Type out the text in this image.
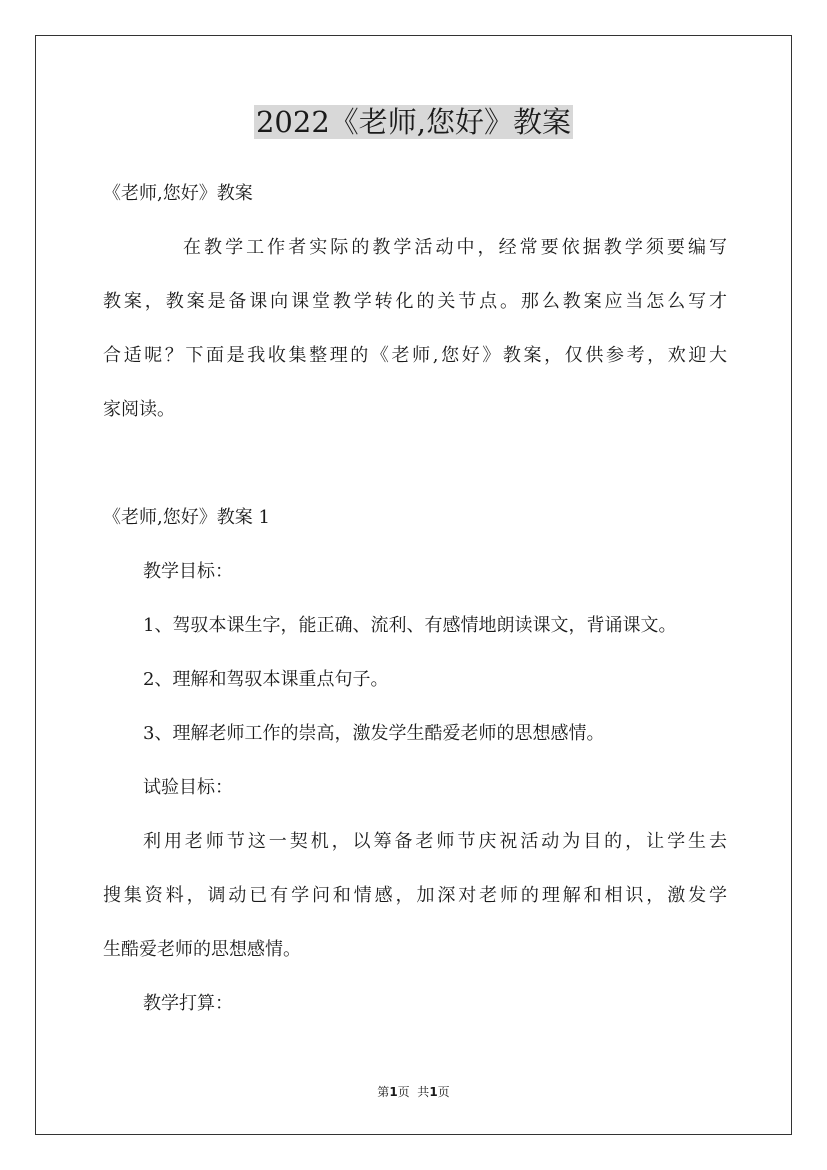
2022《老师,您好》教案
《老师,您好》教案
在教学工作者实际的教学活动中，经常要依据教学须要编写
教案，教案是备课向课堂教学转化的关节点。那么教案应当怎么写才
合适呢？下面是我收集整理的《老师,您好》教案，仅供参考，欢迎大
家阅读。
《老师,您好》教案 1
教学目标：
1、驾驭本课生字，能正确、流利、有感情地朗读课文，背诵课文。
2、理解和驾驭本课重点句子。
3、理解老师工作的崇高，激发学生酷爱老师的思想感情。
试验目标：
利用老师节这一契机，以筹备老师节庆祝活动为目的，让学生去
搜集资料，调动已有学问和情感，加深对老师的理解和相识，激发学
生酷爱老师的思想感情。
教学打算：
第1页  共1页
